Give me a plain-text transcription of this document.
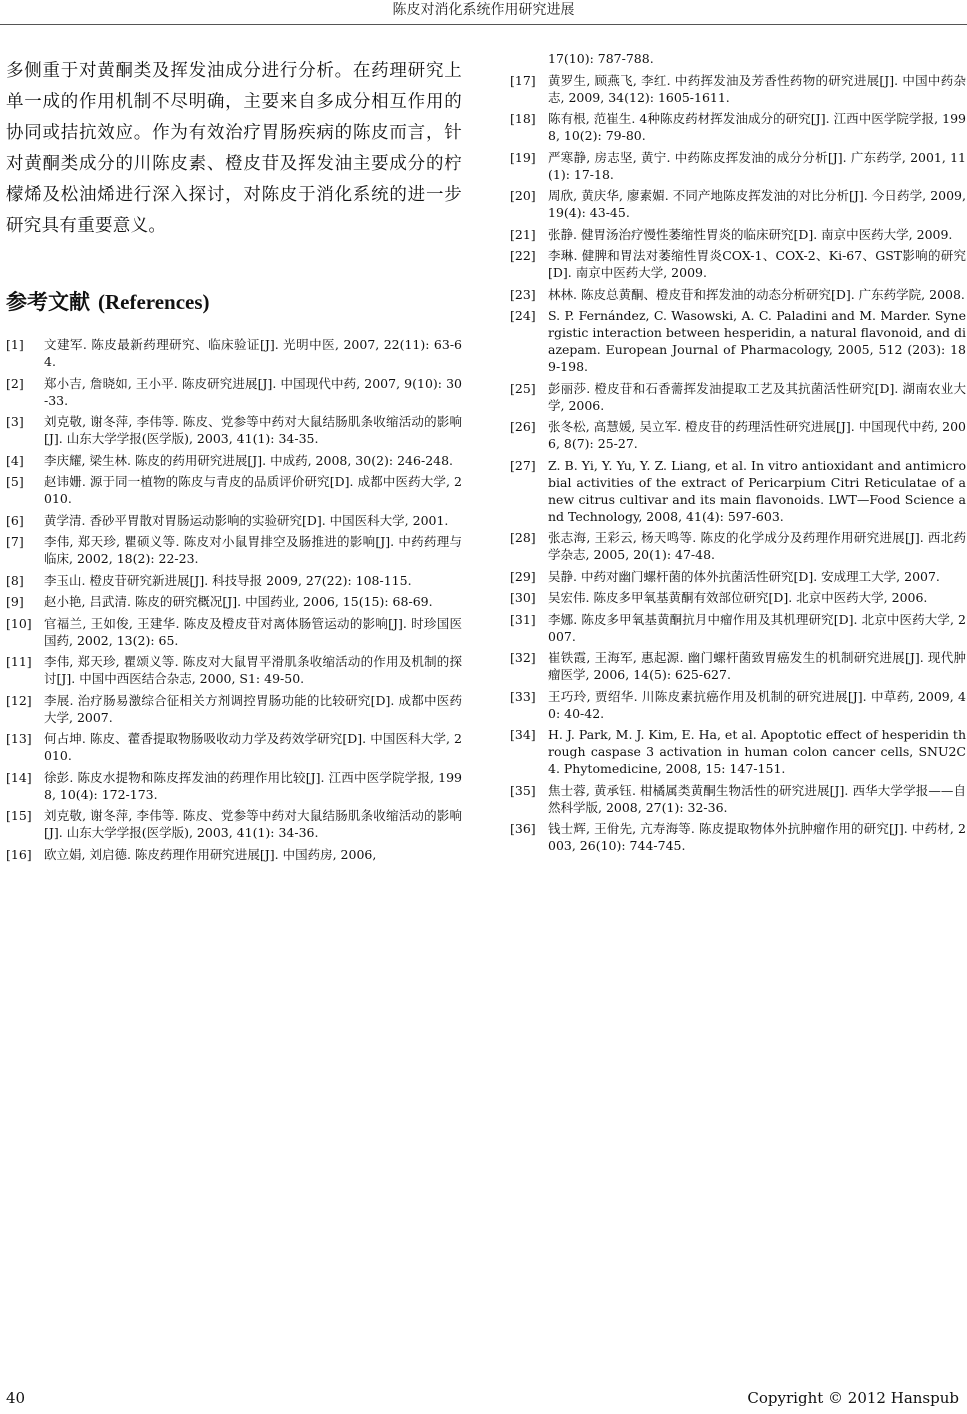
陈皮对消化系统作用研究进展

多侧重于对黄酮类及挥发油成分进行分析。在药理研究上单一成的作用机制不尽明确，主要来自多成分相互作用的协同或拮抗效应。作为有效治疗胃肠疾病的陈皮而言，针对黄酮类成分的川陈皮素、橙皮苷及挥发油主要成分的柠檬烯及松油烯进行深入探讨，对陈皮于消化系统的进一步研究具有重要意义。

参考文献 (References)
[1]	文建军. 陈皮最新药理研究、临床验证[J]. 光明中医, 2007, 22(11): 63-64.
[2]	郑小吉, 詹晓如, 王小平. 陈皮研究进展[J]. 中国现代中药, 2007, 9(10): 30-33.
[3]	刘克敬, 谢冬萍, 李伟等. 陈皮、党参等中药对大鼠结肠肌条收缩活动的影响[J]. 山东大学学报(医学版), 2003, 41(1): 34-35.
[4]	李庆耀, 梁生林. 陈皮的药用研究进展[J]. 中成药, 2008, 30(2): 246-248.
[5]	赵讳姗. 源于同一植物的陈皮与青皮的品质评价研究[D]. 成都中医药大学, 2010.
[6]	黄学清. 香砂平胃散对胃肠运动影响的实验研究[D]. 中国医科大学, 2001.
[7]	李伟, 郑天珍, 瞿硕义等. 陈皮对小鼠胃排空及肠推进的影响[J]. 中药药理与临床, 2002, 18(2): 22-23.
[8]	李玉山. 橙皮苷研究新进展[J]. 科技导报 2009, 27(22): 108-115.
[9]	赵小艳, 吕武清. 陈皮的研究概况[J]. 中国药业, 2006, 15(15): 68-69.
[10] 官福兰, 王如俊, 王建华. 陈皮及橙皮苷对离体肠管运动的影响[J]. 时珍国医国药, 2002, 13(2): 65.
[11] 李伟, 郑天珍, 瞿颂义等. 陈皮对大鼠胃平滑肌条收缩活动的作用及机制的探讨[J]. 中国中西医结合杂志, 2000, S1: 49-50.
[12] 李展. 治疗肠易激综合征相关方剂调控胃肠功能的比较研究[D]. 成都中医药大学, 2007.
[13] 何占坤. 陈皮、藿香提取物肠吸收动力学及药效学研究[D]. 中国医科大学, 2010.
[14] 徐彭. 陈皮水提物和陈皮挥发油的药理作用比较[J]. 江西中医学院学报, 1998, 10(4): 172-173.
[15] 刘克敬, 谢冬萍, 李伟等. 陈皮、党参等中药对大鼠结肠肌条收缩活动的影响[J]. 山东大学学报(医学版), 2003, 41(1): 34-36.
[16] 欧立娟, 刘启德. 陈皮药理作用研究进展[J]. 中国药房, 2006,
17(10): 787-788.
[17] 黄罗生, 顾燕飞, 李红. 中药挥发油及芳香性药物的研究进展[J]. 中国中药杂志, 2009, 34(12): 1605-1611.
[18] 陈有根, 范崔生. 4种陈皮药材挥发油成分的研究[J]. 江西中医学院学报, 1998, 10(2): 79-80.
[19] 严寒静, 房志坚, 黄宁. 中药陈皮挥发油的成分分析[J]. 广东药学, 2001, 11(1): 17-18.
[20] 周欣, 黄庆华, 廖素媚. 不同产地陈皮挥发油的对比分析[J]. 今日药学, 2009, 19(4): 43-45.
[21] 张静. 健胃汤治疗慢性萎缩性胃炎的临床研究[D]. 南京中医药大学, 2009.
[22] 李琳. 健脾和胃法对萎缩性胃炎COX-1、COX-2、Ki-67、GST影响的研究[D]. 南京中医药大学, 2009.
[23] 林林. 陈皮总黄酮、橙皮苷和挥发油的动态分析研究[D]. 广东药学院, 2008.
[24] S. P. Fernández, C. Wasowski, A. C. Paladini and M. Marder. Synergistic interaction between hesperidin, a natural flavonoid, and diazepam. European Journal of Pharmacology, 2005, 512 (203): 189-198.
[25] 彭丽莎. 橙皮苷和石香薷挥发油提取工艺及其抗菌活性研究[D]. 湖南农业大学, 2006.
[26] 张冬松, 高慧媛, 吴立军. 橙皮苷的药理活性研究进展[J]. 中国现代中药, 2006, 8(7): 25-27.
[27] Z. B. Yi, Y. Yu, Y. Z. Liang, et al. In vitro antioxidant and antimicrobial activities of the extract of Pericarpium Citri Reticulatae of a new citrus cultivar and its main flavonoids. LWT—Food Science and Technology, 2008, 41(4): 597-603.
[28] 张志海, 王彩云, 杨天鸣等. 陈皮的化学成分及药理作用研究进展[J]. 西北药学杂志, 2005, 20(1): 47-48.
[29] 吴静. 中药对幽门螺杆菌的体外抗菌活性研究[D]. 安成理工大学, 2007.
[30] 吴宏伟. 陈皮多甲氧基黄酮有效部位研究[D]. 北京中医药大学, 2006.
[31] 李娜. 陈皮多甲氧基黄酮抗月中瘤作用及其机理研究[D]. 北京中医药大学, 2007.
[32] 崔铁霞, 王海军, 惠起源. 幽门螺杆菌致胃癌发生的机制研究进展[J]. 现代肿瘤医学, 2006, 14(5): 625-627.
[33] 王巧玲, 贾绍华. 川陈皮素抗癌作用及机制的研究进展[J]. 中草药, 2009, 40: 40-42.
[34] H. J. Park, M. J. Kim, E. Ha, et al. Apoptotic effect of hesperidin through caspase 3 activation in human colon cancer cells, SNU2C4. Phytomedicine, 2008, 15: 147-151.
[35] 焦士蓉, 黄承钰. 柑橘属类黄酮生物活性的研究进展[J]. 西华大学学报——自然科学版, 2008, 27(1): 32-36.
[36] 钱士辉, 王佾先, 亢寿海等. 陈皮提取物体外抗肿瘤作用的研究[J]. 中药材, 2003, 26(10): 744-745.
40	Copyright © 2012 Hanspub
